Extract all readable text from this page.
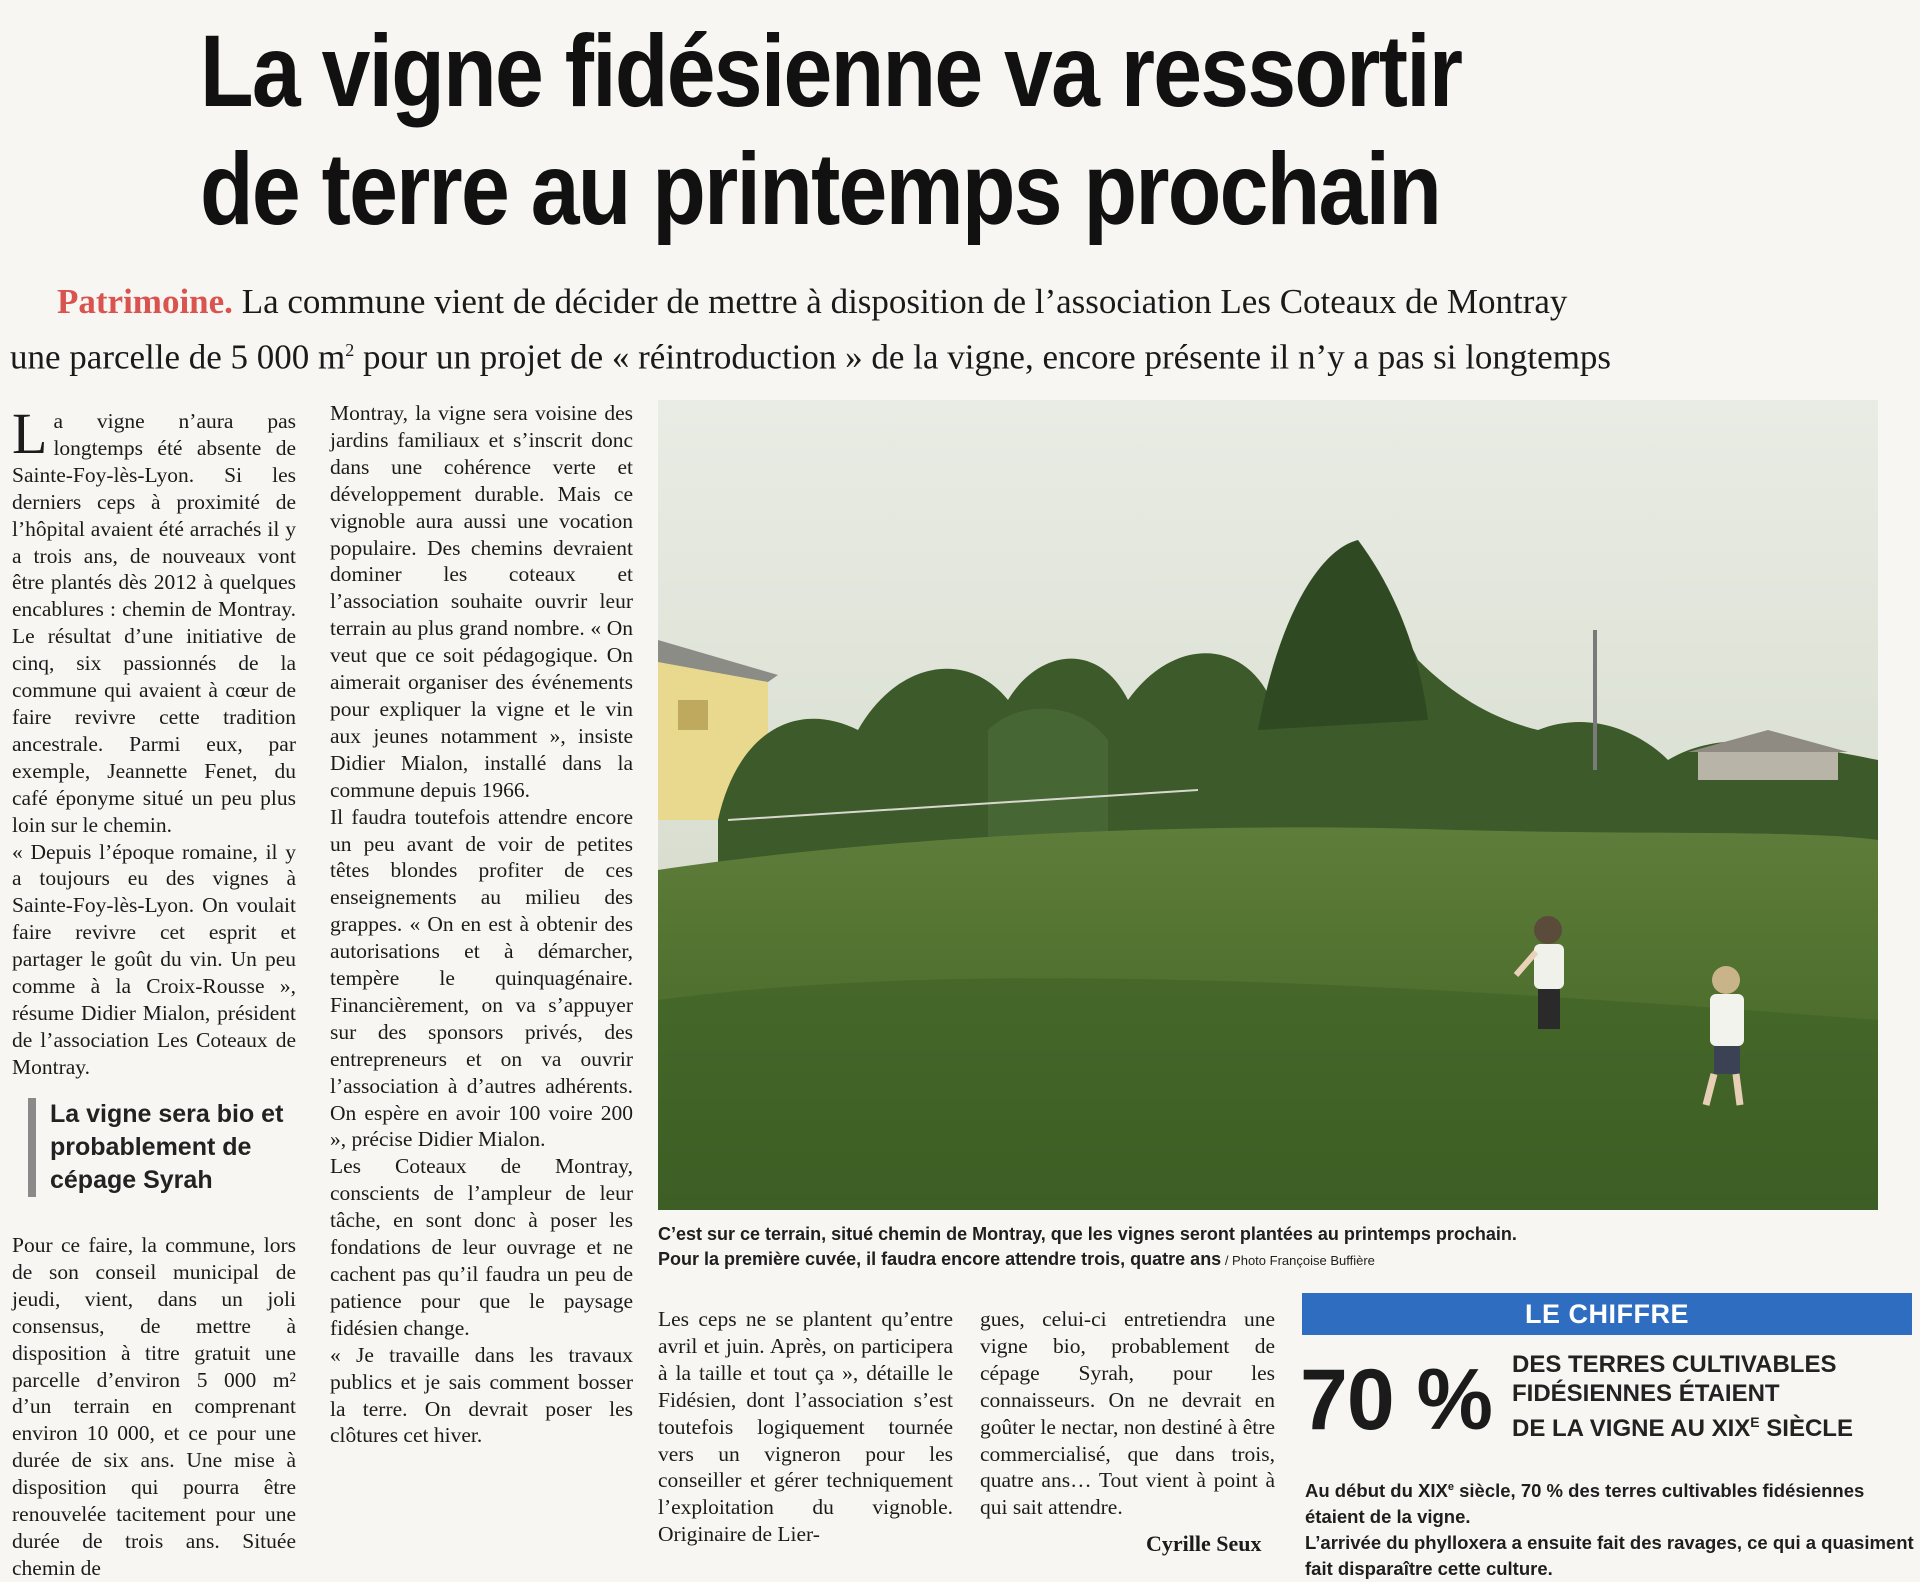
La vigne fidésienne va ressortir
de terre au printemps prochain
Patrimoine. La commune vient de décider de mettre à disposition de l’association Les Coteaux de Montray
une parcelle de 5 000 $m^2$ pour un projet de « réintroduction » de la vigne, encore présente il n’y a pas si longtemps

La vigne n’aura pas longtemps été absente de Sainte-Foy-lès-Lyon. Si les derniers ceps à proximité de l’hôpital avaient été arrachés il y a trois ans, de nouveaux vont être plantés dès 2012 à quelques encablures : chemin de Montray. Le résultat d’une initiative de cinq, six passionnés de la commune qui avaient à cœur de faire revivre cette tradition ancestrale. Parmi eux, par exemple, Jeannette Fenet, du café éponyme situé un peu plus loin sur le chemin.

« Depuis l’époque romaine, il y a toujours eu des vignes à Sainte-Foy-lès-Lyon. On voulait faire revivre cet esprit et partager le goût du vin. Un peu comme à la Croix-Rousse », résume Didier Mialon, président de l’association Les Coteaux de Montray.

La vigne sera bio et probablement de cépage Syrah

Pour ce faire, la commune, lors de son conseil municipal de jeudi, vient, dans un joli consensus, de mettre à disposition à titre gratuit une parcelle d’environ 5 000 m² d’un terrain en comprenant environ 10 000, et ce pour une durée de six ans. Une mise à disposition qui pourra être renouvelée tacitement pour une durée de trois ans. Située chemin de

Montray, la vigne sera voisine des jardins familiaux et s’inscrit donc dans une cohérence verte et développement durable. Mais ce vignoble aura aussi une vocation populaire. Des chemins devraient dominer les coteaux et l’association souhaite ouvrir leur terrain au plus grand nombre. « On veut que ce soit pédagogique. On aimerait organiser des événements pour expliquer la vigne et le vin aux jeunes notamment », insiste Didier Mialon, installé dans la commune depuis 1966.

Il faudra toutefois attendre encore un peu avant de voir de petites têtes blondes profiter de ces enseignements au milieu des grappes. « On en est à obtenir des autorisations et à démarcher, tempère le quinquagénaire. Financièrement, on va s’appuyer sur des sponsors privés, des entrepreneurs et on va ouvrir l’association à d’autres adhérents. On espère en avoir 100 voire 200 », précise Didier Mialon.

Les Coteaux de Montray, conscients de l’ampleur de leur tâche, en sont donc à poser les fondations de leur ouvrage et ne cachent pas qu’il faudra un peu de patience pour que le paysage fidésien change.

« Je travaille dans les travaux publics et je sais comment bosser la terre. On devrait poser les clôtures cet hiver.

C’est sur ce terrain, situé chemin de Montray, que les vignes seront plantées au printemps prochain.
Pour la première cuvée, il faudra encore attendre trois, quatre ans / Photo Françoise Buffière

Les ceps ne se plantent qu’entre avril et juin. Après, on participera à la taille et tout ça », détaille le Fidésien, dont l’association s’est toutefois logiquement tournée vers un vigneron pour les conseiller et gérer techniquement l’exploitation du vignoble. Originaire de Lier-

gues, celui-ci entretiendra une vigne bio, probablement de cépage Syrah, pour les connaisseurs. On ne devrait en goûter le nectar, non destiné à être commercialisé, que dans trois, quatre ans… Tout vient à point à qui sait attendre.

Cyrille Seux
LE CHIFFRE
70 % DES TERRES CULTIVABLES
FIDÉSIENNES ÉTAIENT
DE LA VIGNE AU $XIX^E$ SIÈCLE
Au début du XIXe siècle, 70 % des terres cultivables fidésiennes étaient de la vigne.
L’arrivée du phylloxera a ensuite fait des ravages, ce qui a quasiment fait disparaître cette culture.
